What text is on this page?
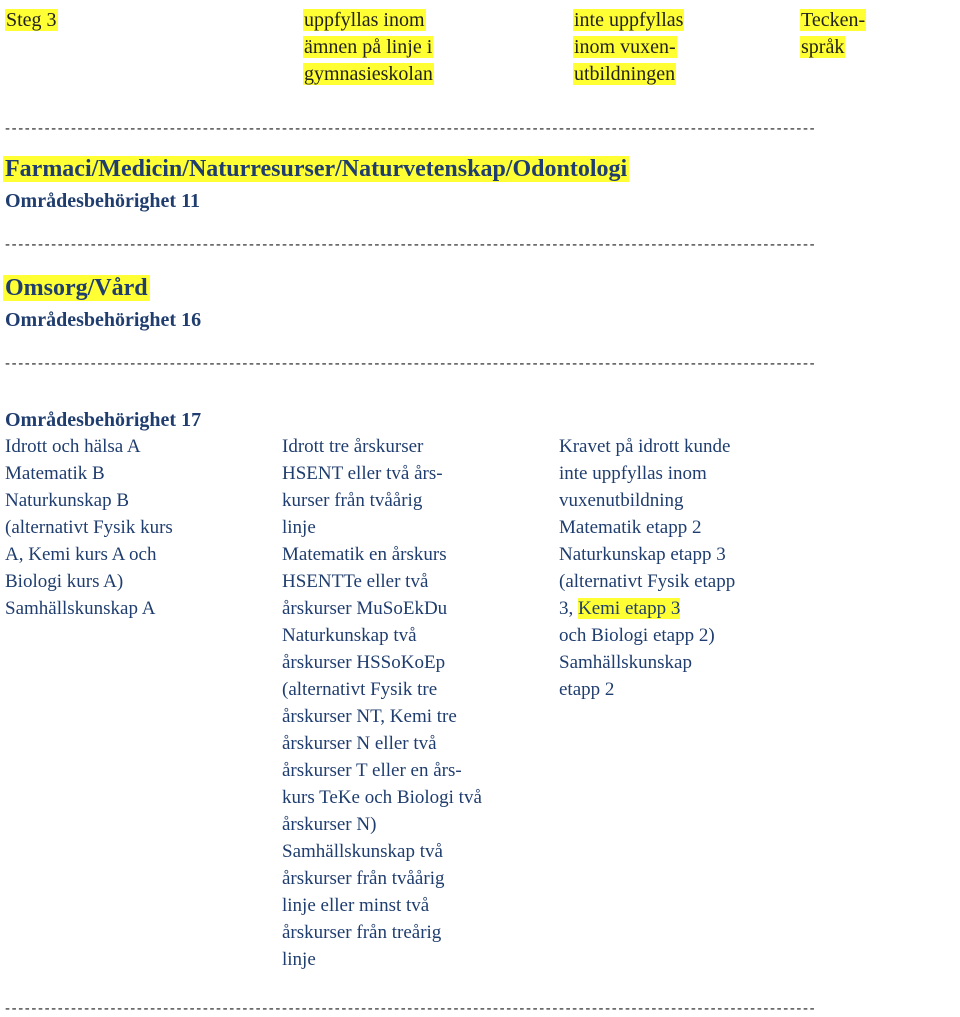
Steg 3	uppfyllas inom
ämnen på linje i
gymnasieskolan
inte uppfyllas
inom vuxen-
utbildningen
Tecken-
språk
---------------------------------------------------------------------------------------------------------------------------
Farmaci/Medicin/Naturresurser/Naturvetenskap/Odontologi
Områdesbehörighet 11
---------------------------------------------------------------------------------------------------------------------------
Omsorg/Vård
Områdesbehörighet 16
---------------------------------------------------------------------------------------------------------------------------
Områdesbehörighet 17
Idrott och hälsa A
Matematik B
Naturkunskap B
(alternativt Fysik kurs
A, Kemi kurs A och
Biologi kurs A)
Samhällskunskap A
Idrott tre årskurser
HSENT eller två års-
kurser från tvåårig
linje
Matematik en årskurs
HSENTTe eller två
årskurser MuSoEkDu
Naturkunskap två
årskurser HSSoKoEp
(alternativt Fysik tre
årskurser NT, Kemi tre
årskurser N eller två
årskurser T eller en års-
kurs TeKe och Biologi två
årskurser N)
Samhällskunskap två
årskurser från tvåårig
linje eller minst två
årskurser från treårig
linje
Kravet på idrott kunde
inte uppfyllas inom
vuxenutbildning
Matematik etapp 2
Naturkunskap etapp 3
(alternativt Fysik etapp
3, Kemi etapp 3
och Biologi etapp 2)
Samhällskunskap
etapp 2
---------------------------------------------------------------------------------------------------------------------------
